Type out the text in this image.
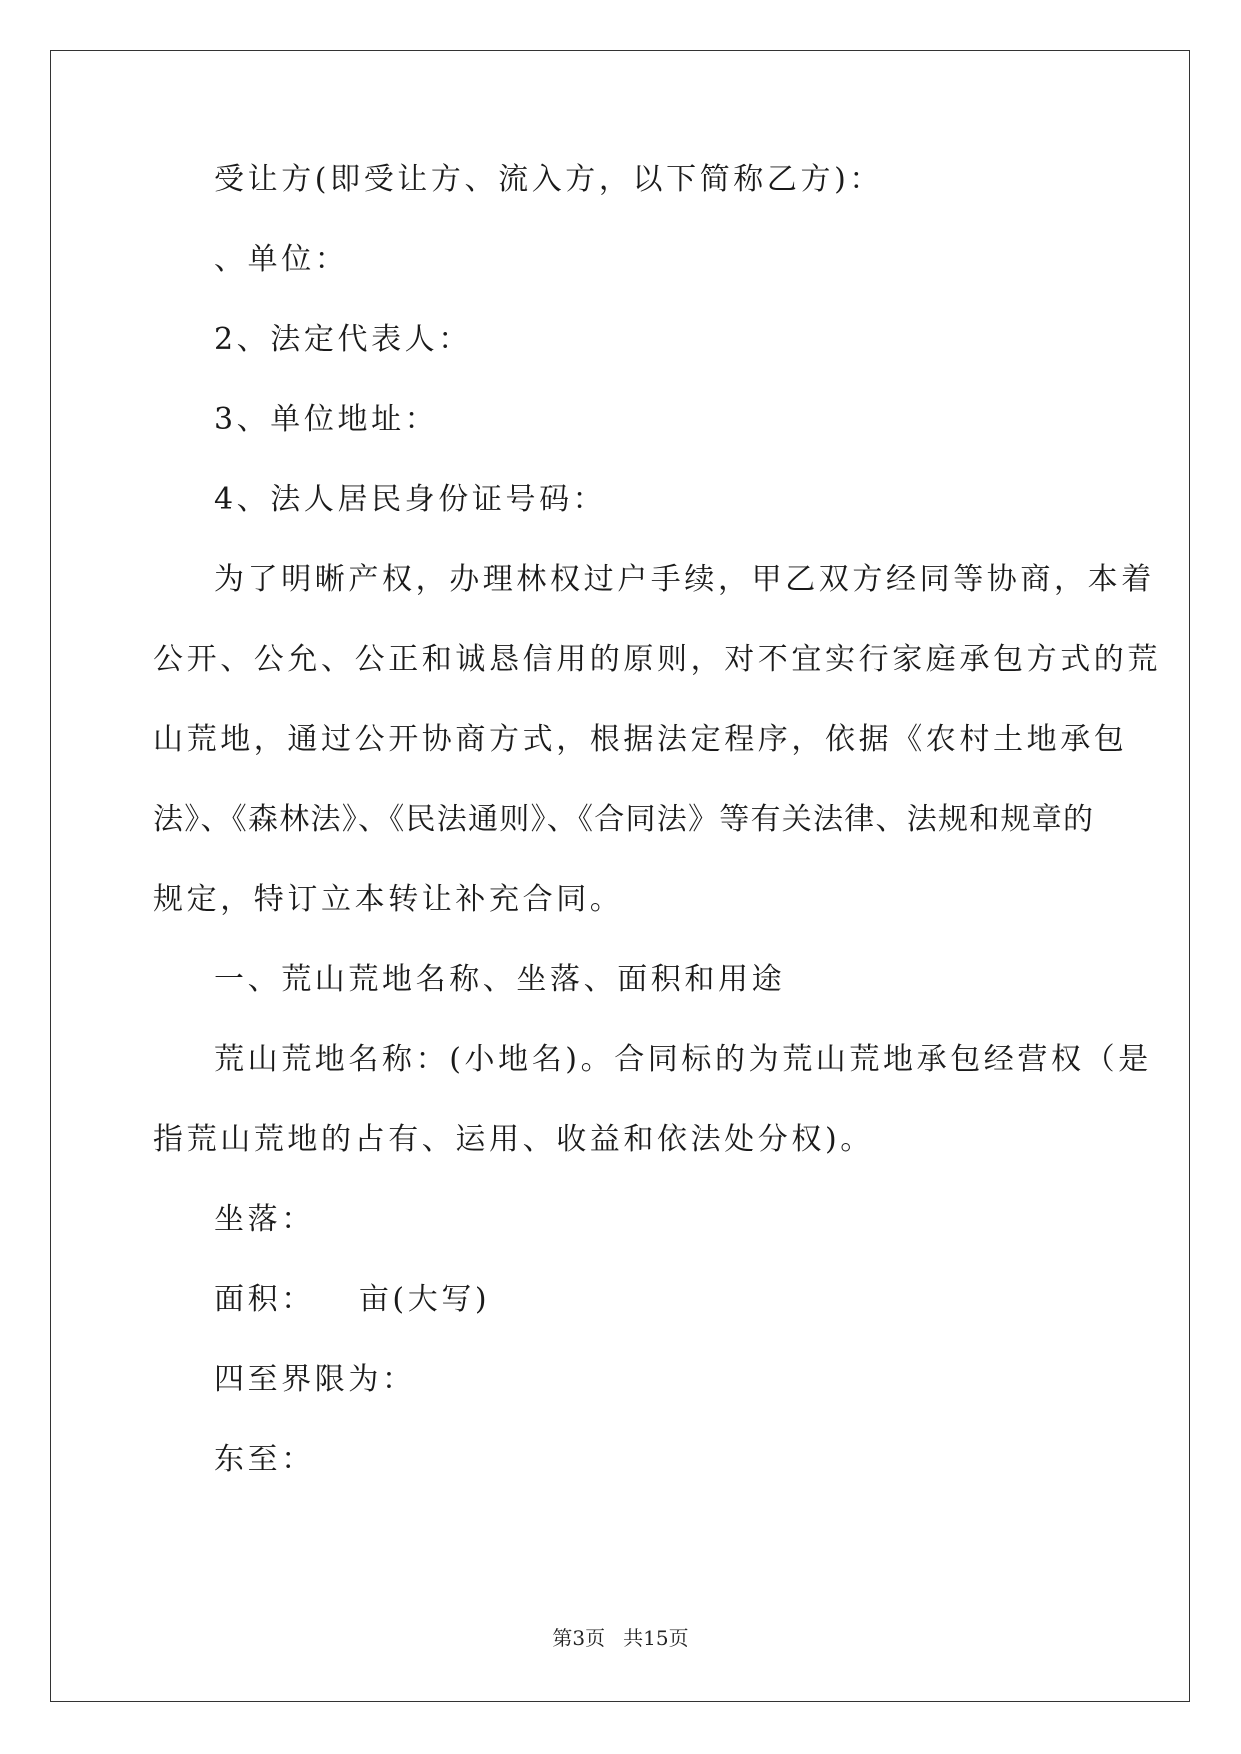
受让方(即受让方、流入方，以下简称乙方)：
、单位：
2、法定代表人：
3、单位地址：
4、法人居民身份证号码：
为了明晰产权，办理林权过户手续，甲乙双方经同等协商，本着
公开、公允、公正和诚恳信用的原则，对不宜实行家庭承包方式的荒
山荒地，通过公开协商方式，根据法定程序，依据《农村土地承包
法》、《森林法》、《民法通则》、《合同法》等有关法律、法规和规章的
规定，特订立本转让补充合同。
一、荒山荒地名称、坐落、面积和用途
荒山荒地名称：(小地名)。合同标的为荒山荒地承包经营权（是
指荒山荒地的占有、运用、收益和依法处分权)。
坐落：
面积： 亩(大写)
四至界限为：
东至：
第3页 共15页
